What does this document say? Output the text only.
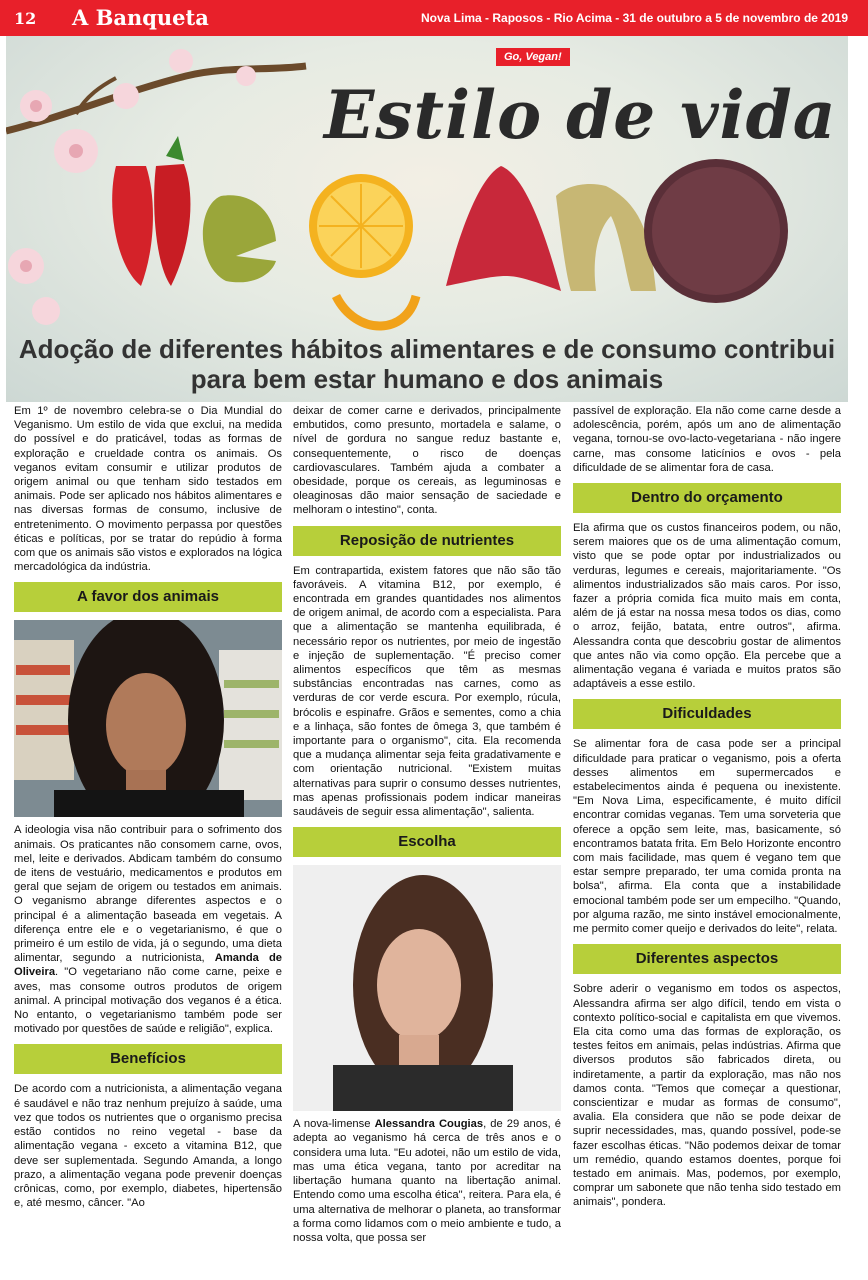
12 A Banqueta	Nova Lima - Raposos - Rio Acima - 31 de outubro a 5 de novembro de 2019
Go, Vegan!
Estilo de vida
Adoção de diferentes hábitos alimentares e de consumo contribui para bem estar humano e dos animais

Em 1º de novembro celebra-se o Dia Mundial do Veganismo. Um estilo de vida que exclui, na medida do possível e do praticável, todas as formas de exploração e crueldade contra os animais. Os veganos evitam consumir e utilizar produtos de origem animal ou que tenham sido testados em animais. Pode ser aplicado nos hábitos alimentares e nas diversas formas de consumo, inclusive de entretenimento. O movimento perpassa por questões éticas e políticas, por se tratar do repúdio à forma com que os animais são vistos e explorados na lógica mercadológica da indústria.

A favor dos animais

A ideologia visa não contribuir para o sofrimento dos animais. Os praticantes não consomem carne, ovos, mel, leite e derivados. Abdicam também do consumo de itens de vestuário, medicamentos e produtos em geral que sejam de origem ou testados em animais. O veganismo abrange diferentes aspectos e o principal é a alimentação baseada em vegetais. A diferença entre ele e o vegetarianismo, é que o primeiro é um estilo de vida, já o segundo, uma dieta alimentar, segundo a nutricionista, Amanda de Oliveira. "O vegetariano não come carne, peixe e aves, mas consome outros produtos de origem animal. A principal motivação dos veganos é a ética. No entanto, o vegetarianismo também pode ser motivado por questões de saúde e religião", explica.

Benefícios

De acordo com a nutricionista, a alimentação vegana é saudável e não traz nenhum prejuízo à saúde, uma vez que todos os nutrientes que o organismo precisa estão contidos no reino vegetal - base da alimentação vegana - exceto a vitamina B12, que deve ser suplementada. Segundo Amanda, a longo prazo, a alimentação vegana pode prevenir doenças crônicas, como, por exemplo, diabetes, hipertensão e, até mesmo, câncer. "Ao

deixar de comer carne e derivados, principalmente embutidos, como presunto, mortadela e salame, o nível de gordura no sangue reduz bastante e, consequentemente, o risco de doenças cardiovasculares. Também ajuda a combater a obesidade, porque os cereais, as leguminosas e oleaginosas dão maior sensação de saciedade e melhoram o intestino", conta.

Reposição de nutrientes

Em contrapartida, existem fatores que não são tão favoráveis. A vitamina B12, por exemplo, é encontrada em grandes quantidades nos alimentos de origem animal, de acordo com a especialista. Para que a alimentação se mantenha equilibrada, é necessário repor os nutrientes, por meio de ingestão e injeção de suplementação. "É preciso comer alimentos específicos que têm as mesmas substâncias encontradas nas carnes, como as verduras de cor verde escura. Por exemplo, rúcula, brócolis e espinafre. Grãos e sementes, como a chia e a linhaça, são fontes de ômega 3, que também é importante para o organismo", cita. Ela recomenda que a mudança alimentar seja feita gradativamente e com orientação nutricional. "Existem muitas alternativas para suprir o consumo desses nutrientes, mas apenas profissionais podem indicar maneiras saudáveis de seguir essa alimentação", salienta.

Escolha

A nova-limense Alessandra Cougias, de 29 anos, é adepta ao veganismo há cerca de três anos e o considera uma luta. "Eu adotei, não um estilo de vida, mas uma ética vegana, tanto por acreditar na libertação humana quanto na libertação animal. Entendo como uma escolha ética", reitera. Para ela, é uma alternativa de melhorar o planeta, ao transformar a forma como lidamos com o meio ambiente e tudo, a nossa volta, que possa ser

passível de exploração. Ela não come carne desde a adolescência, porém, após um ano de alimentação vegana, tornou-se ovo-lacto-vegetariana - não ingere carne, mas consome laticínios e ovos - pela dificuldade de se alimentar fora de casa.

Dentro do orçamento

Ela afirma que os custos financeiros podem, ou não, serem maiores que os de uma alimentação comum, visto que se pode optar por industrializados ou verduras, legumes e cereais, majoritariamente. "Os alimentos industrializados são mais caros. Por isso, fazer a própria comida fica muito mais em conta, além de já estar na nossa mesa todos os dias, como o arroz, feijão, batata, entre outros", afirma. Alessandra conta que descobriu gostar de alimentos que antes não via como opção. Ela percebe que a alimentação vegana é variada e muitos pratos são adaptáveis a esse estilo.

Dificuldades

Se alimentar fora de casa pode ser a principal dificuldade para praticar o veganismo, pois a oferta desses alimentos em supermercados e estabelecimentos ainda é pequena ou inexistente. "Em Nova Lima, especificamente, é muito difícil encontrar comidas veganas. Tem uma sorveteria que oferece a opção sem leite, mas, basicamente, só encontramos batata frita. Em Belo Horizonte encontro com mais facilidade, mas quem é vegano tem que estar sempre preparado, ter uma comida pronta na bolsa", afirma. Ela conta que a instabilidade emocional também pode ser um empecilho. "Quando, por alguma razão, me sinto instável emocionalmente, me permito comer queijo e derivados do leite", relata.

Diferentes aspectos

Sobre aderir o veganismo em todos os aspectos, Alessandra afirma ser algo difícil, tendo em vista o contexto político-social e capitalista em que vivemos. Ela cita como uma das formas de exploração, os testes feitos em animais, pelas indústrias. Afirma que diversos produtos são fabricados direta, ou indiretamente, a partir da exploração, mas não nos damos conta. "Temos que começar a questionar, conscientizar e mudar as formas de consumo", avalia. Ela considera que não se pode deixar de suprir necessidades, mas, quando possível, pode-se fazer escolhas éticas. "Não podemos deixar de tomar um remédio, quando estamos doentes, porque foi testado em animais. Mas, podemos, por exemplo, comprar um sabonete que não tenha sido testado em animais", pondera.
